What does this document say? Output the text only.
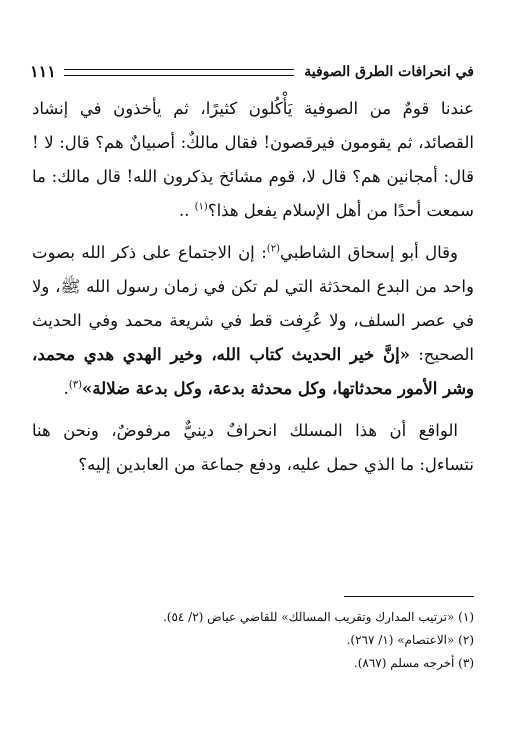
في انحرافات الطرق الصوفية
١١١

عندنا قومٌ من الصوفية يَأْكُلون كثيرًا، ثم يأخذون في إنشاد القصائد، ثم يقومون فيرقصون! فقال مالكٌ: أصبيانٌ هم؟ قال: لا ! قال: أمجانين هم؟ قال لا، قوم مشائخ يذكرون الله! قال مالك: ما سمعت أحدًا من أهل الإسلام يفعل هذا؟$^{(١)}$ ..

وقال أبو إسحاق الشاطبي$^{(٢)}$: إن الاجتماع على ذكر الله بصوت واحد من البدع المحدَثة التي لم تكن في زمان رسول الله ﷺ، ولا في عصر السلف، ولا عُرِفت قط في شريعة محمد وفي الحديث الصحيح: «إنَّ خير الحديث كتاب الله، وخير الهدي هدي محمد، وشر الأمور محدثاتها، وكل محدثة بدعة، وكل بدعة ضلالة»$^{(٣)}$.

الواقع أن هذا المسلك انحرافٌ دينيٌّ مرفوضٌ، ونحن هنا نتساءل: ما الذي حمل عليه، ودفع جماعة من العابدين إليه؟

(١) «ترتيب المدارك وتقريب المسالك» للقاضي عياض (٢/ ٥٤).

(٢) «الاعتصام» (١/ ٢٦٧).

(٣) أخرجه مسلم (٨٦٧).
